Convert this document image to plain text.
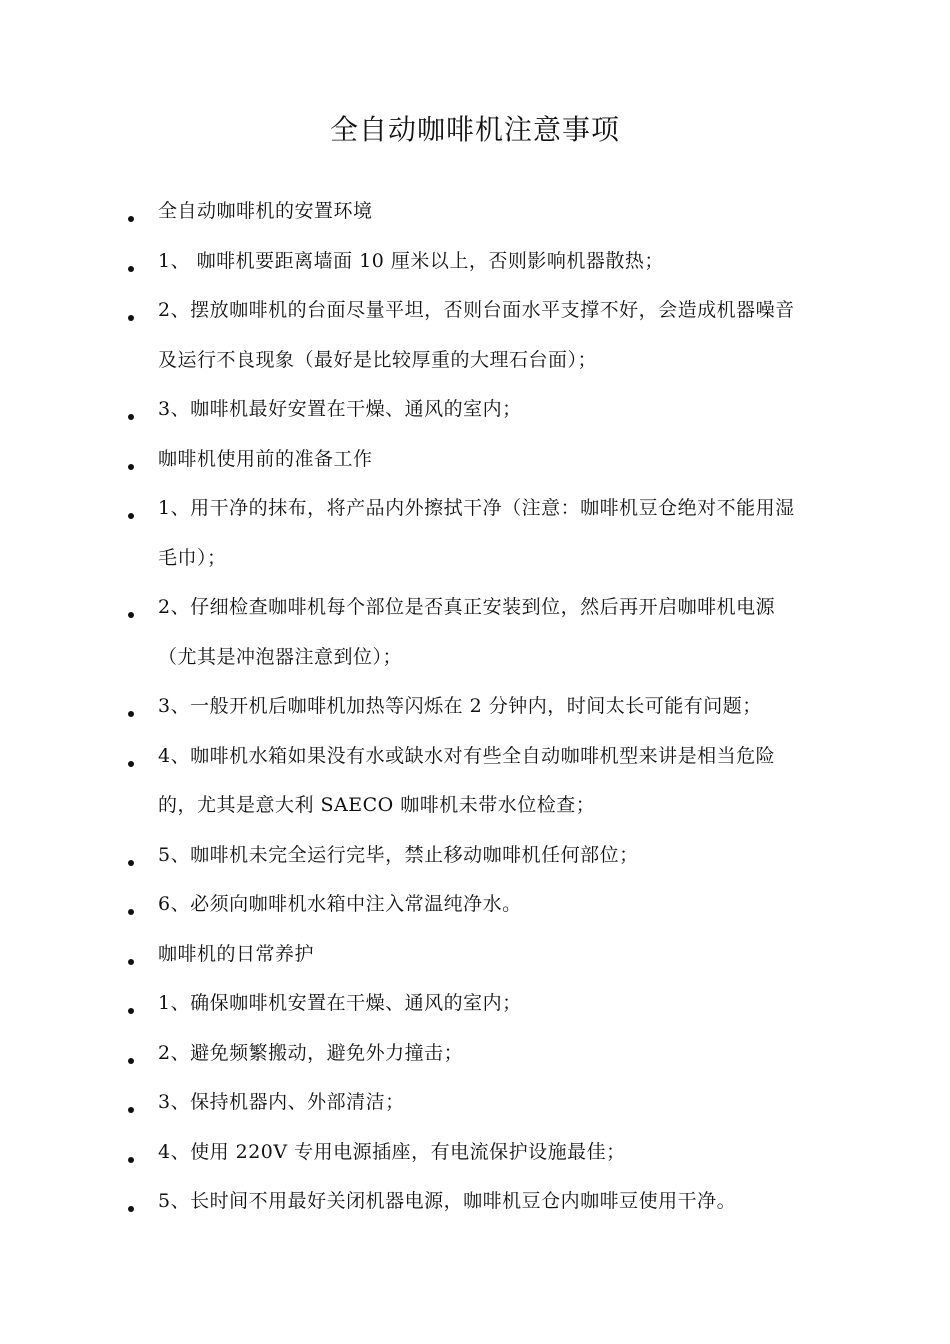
全自动咖啡机注意事项
全自动咖啡机的安置环境
1、 咖啡机要距离墙面 10 厘米以上，否则影响机器散热；
2、摆放咖啡机的台面尽量平坦，否则台面水平支撑不好，会造成机器噪音及运行不良现象（最好是比较厚重的大理石台面）；
3、咖啡机最好安置在干燥、通风的室内；
咖啡机使用前的准备工作
1、用干净的抹布，将产品内外擦拭干净（注意：咖啡机豆仓绝对不能用湿毛巾）；
2、仔细检查咖啡机每个部位是否真正安装到位，然后再开启咖啡机电源（尤其是冲泡器注意到位）；
3、一般开机后咖啡机加热等闪烁在 2 分钟内，时间太长可能有问题；
4、咖啡机水箱如果没有水或缺水对有些全自动咖啡机型来讲是相当危险的，尤其是意大利 SAECO 咖啡机未带水位检查；
5、咖啡机未完全运行完毕，禁止移动咖啡机任何部位；
6、必须向咖啡机水箱中注入常温纯净水。
咖啡机的日常养护
1、确保咖啡机安置在干燥、通风的室内；
2、避免频繁搬动，避免外力撞击；
3、保持机器内、外部清洁；
4、使用 220V 专用电源插座，有电流保护设施最佳；
5、长时间不用最好关闭机器电源，咖啡机豆仓内咖啡豆使用干净。
